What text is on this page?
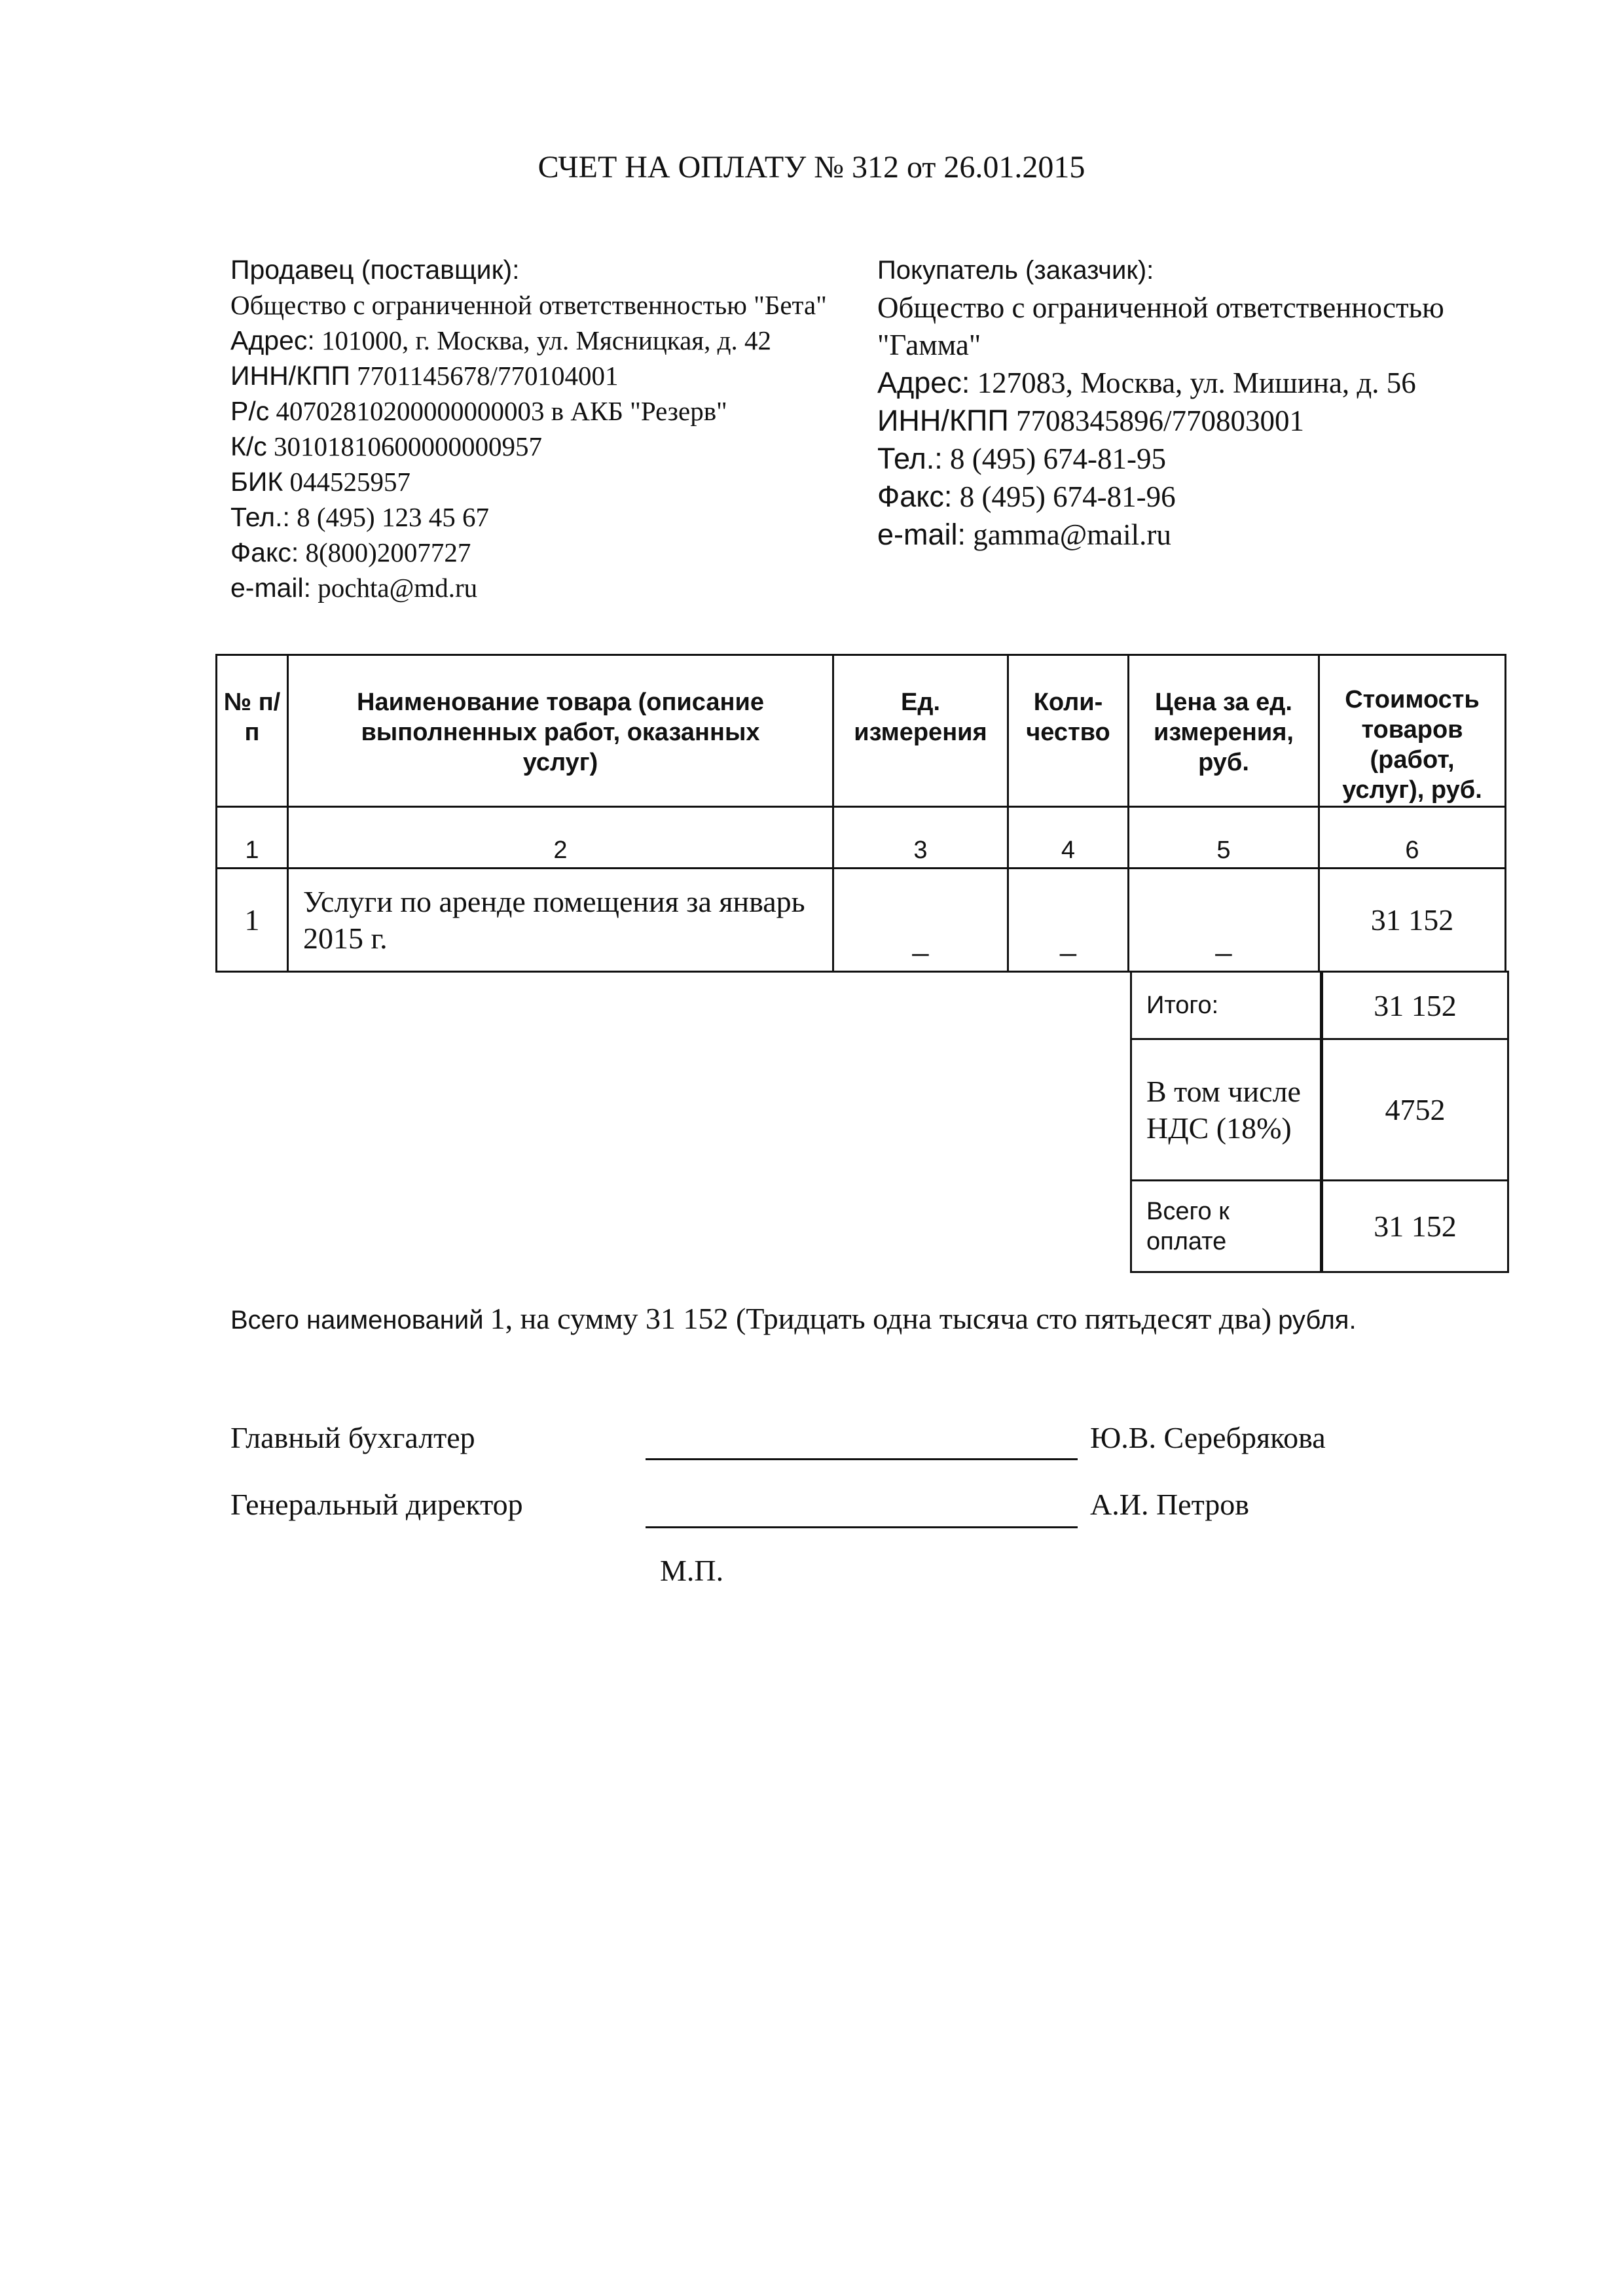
СЧЕТ НА ОПЛАТУ № 312 от 26.01.2015
Продавец (поставщик):
Общество с ограниченной ответственностью "Бета"
Адрес: 101000, г. Москва, ул. Мясницкая, д. 42
ИНН/КПП 7701145678/770104001
Р/с 40702810200000000003 в АКБ "Резерв"
К/с 30101810600000000957
БИК 044525957
Тел.: 8 (495) 123 45 67
Факс: 8(800)2007727
e-mail: pochta@md.ru
Покупатель (заказчик):
Общество с ограниченной ответственностью "Гамма"
Адрес: 127083, Москва, ул. Мишина, д. 56
ИНН/КПП 7708345896/770803001
Тел.: 8 (495) 674-81-95
Факс: 8 (495) 674-81-96
e-mail: gamma@mail.ru
№ п/п	Наименование товара (описание выполненных работ, оказанных услуг)	Ед. измерения	Коли-чество	Цена за ед. измерения, руб.	Стоимость товаров (работ, услуг), руб.
1	2	3	4	5	6
1	Услуги по аренде помещения за январь 2015 г.	_	_	_	31 152
Итого:	31 152
В том числе НДС (18%)	4752
Всего к оплате	31 152
Всего наименований 1, на сумму 31 152 (Тридцать одна тысяча сто пятьдесят два) рубля.
Главный бухгалтер	Ю.В. Серебрякова
Генеральный директор	А.И. Петров
М.П.
